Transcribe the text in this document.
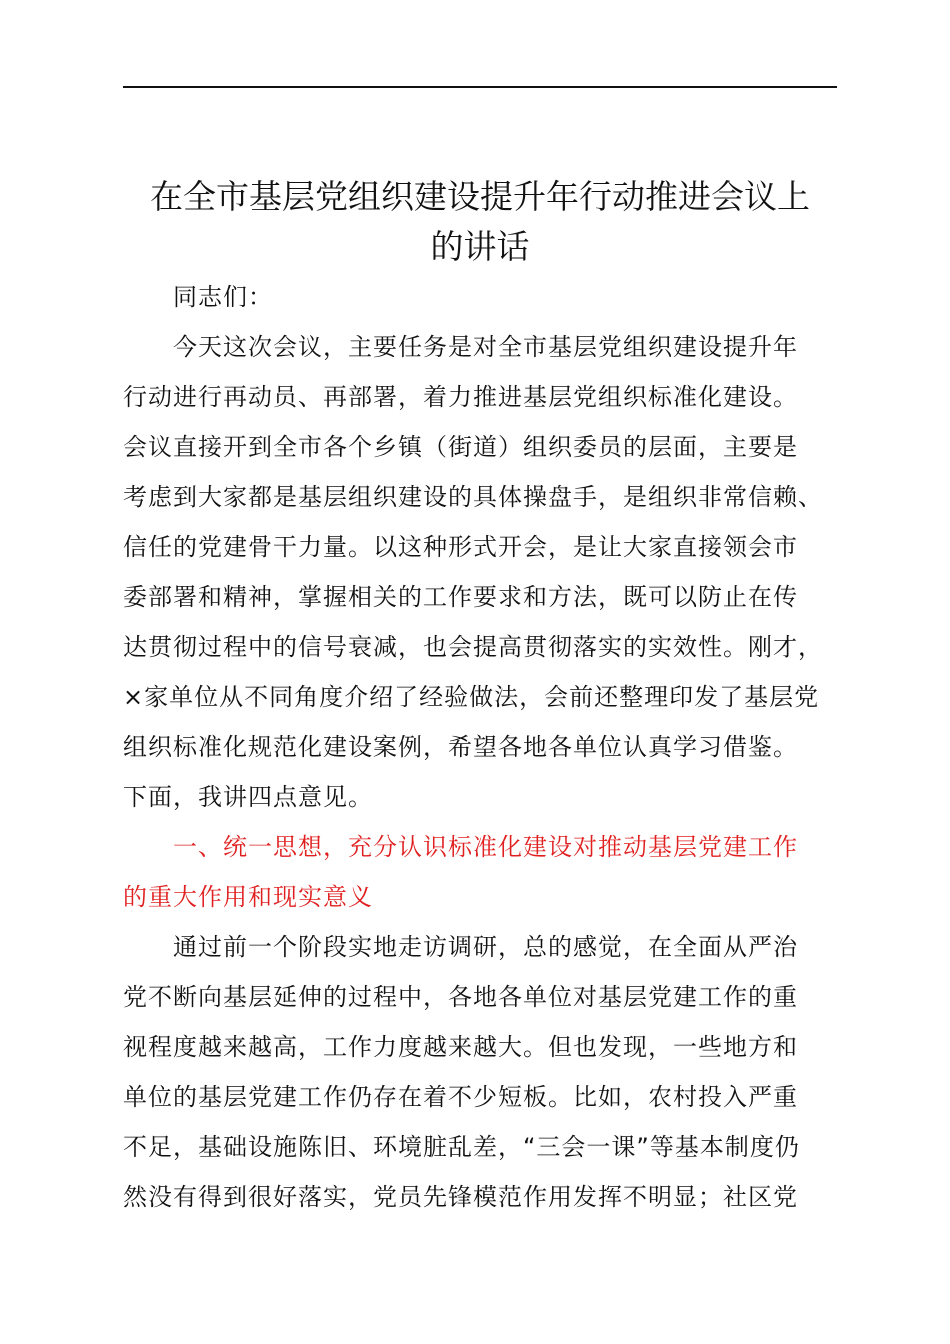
在全市基层党组织建设提升年行动推进会议上
的讲话
同志们：
今天这次会议，主要任务是对全市基层党组织建设提升年
行动进行再动员、再部署，着力推进基层党组织标准化建设。
会议直接开到全市各个乡镇（街道）组织委员的层面，主要是
考虑到大家都是基层组织建设的具体操盘手，是组织非常信赖、
信任的党建骨干力量。以这种形式开会，是让大家直接领会市
委部署和精神，掌握相关的工作要求和方法，既可以防止在传
达贯彻过程中的信号衰减，也会提高贯彻落实的实效性。刚才，
×家单位从不同角度介绍了经验做法，会前还整理印发了基层党
组织标准化规范化建设案例，希望各地各单位认真学习借鉴。
下面，我讲四点意见。
一、统一思想，充分认识标准化建设对推动基层党建工作
的重大作用和现实意义
通过前一个阶段实地走访调研，总的感觉，在全面从严治
党不断向基层延伸的过程中，各地各单位对基层党建工作的重
视程度越来越高，工作力度越来越大。但也发现，一些地方和
单位的基层党建工作仍存在着不少短板。比如，农村投入严重
不足，基础设施陈旧、环境脏乱差，“三会一课”等基本制度仍
然没有得到很好落实，党员先锋模范作用发挥不明显；社区党
